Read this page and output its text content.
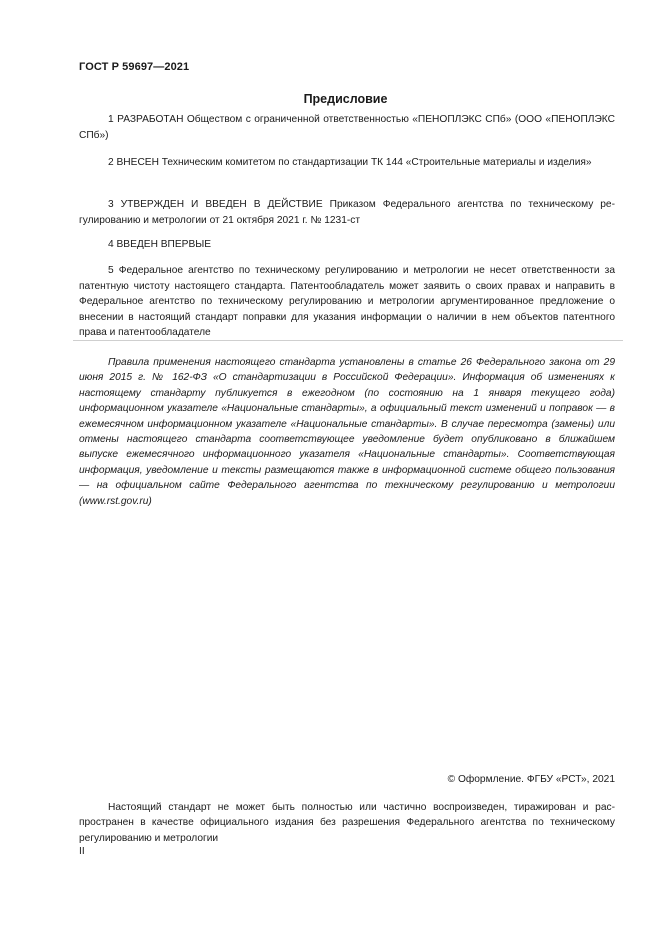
ГОСТ Р 59697—2021
Предисловие

1 РАЗРАБОТАН Обществом с ограниченной ответственностью «ПЕНОПЛЭКС СПб» (ООО «ПЕНОПЛЭКС СПб»)

2 ВНЕСЕН Техническим комитетом по стандартизации ТК 144 «Строительные материалы и изделия»

3 УТВЕРЖДЕН И ВВЕДЕН В ДЕЙСТВИЕ Приказом Федерального агентства по техническому регулированию и метрологии от 21 октября 2021 г. № 1231-ст

4 ВВЕДЕН ВПЕРВЫЕ

5 Федеральное агентство по техническому регулированию и метрологии не несет ответственности за патентную чистоту настоящего стандарта. Патентообладатель может заявить о своих правах и направить в Федеральное агентство по техническому регулированию и метрологии аргументированное предложение о внесении в настоящий стандарт поправки для указания информации о наличии в нем объектов патентного права и патентообладателе

Правила применения настоящего стандарта установлены в статье 26 Федерального закона от 29 июня 2015 г. № 162-ФЗ «О стандартизации в Российской Федерации». Информация об изменениях к настоящему стандарту публикуется в ежегодном (по состоянию на 1 января текущего года) информационном указателе «Национальные стандарты», а официальный текст изменений и поправок — в ежемесячном информационном указателе «Национальные стандарты». В случае пересмотра (замены) или отмены настоящего стандарта соответствующее уведомление будет опубликовано в ближайшем выпуске ежемесячного информационного указателя «Национальные стандарты». Соответствующая информация, уведомление и тексты размещаются также в информационной системе общего пользования — на официальном сайте Федерального агентства по техническому регулированию и метрологии (www.rst.gov.ru)

© Оформление. ФГБУ «РСТ», 2021

Настоящий стандарт не может быть полностью или частично воспроизведен, тиражирован и распространен в качестве официального издания без разрешения Федерального агентства по техническому регулированию и метрологии

II
